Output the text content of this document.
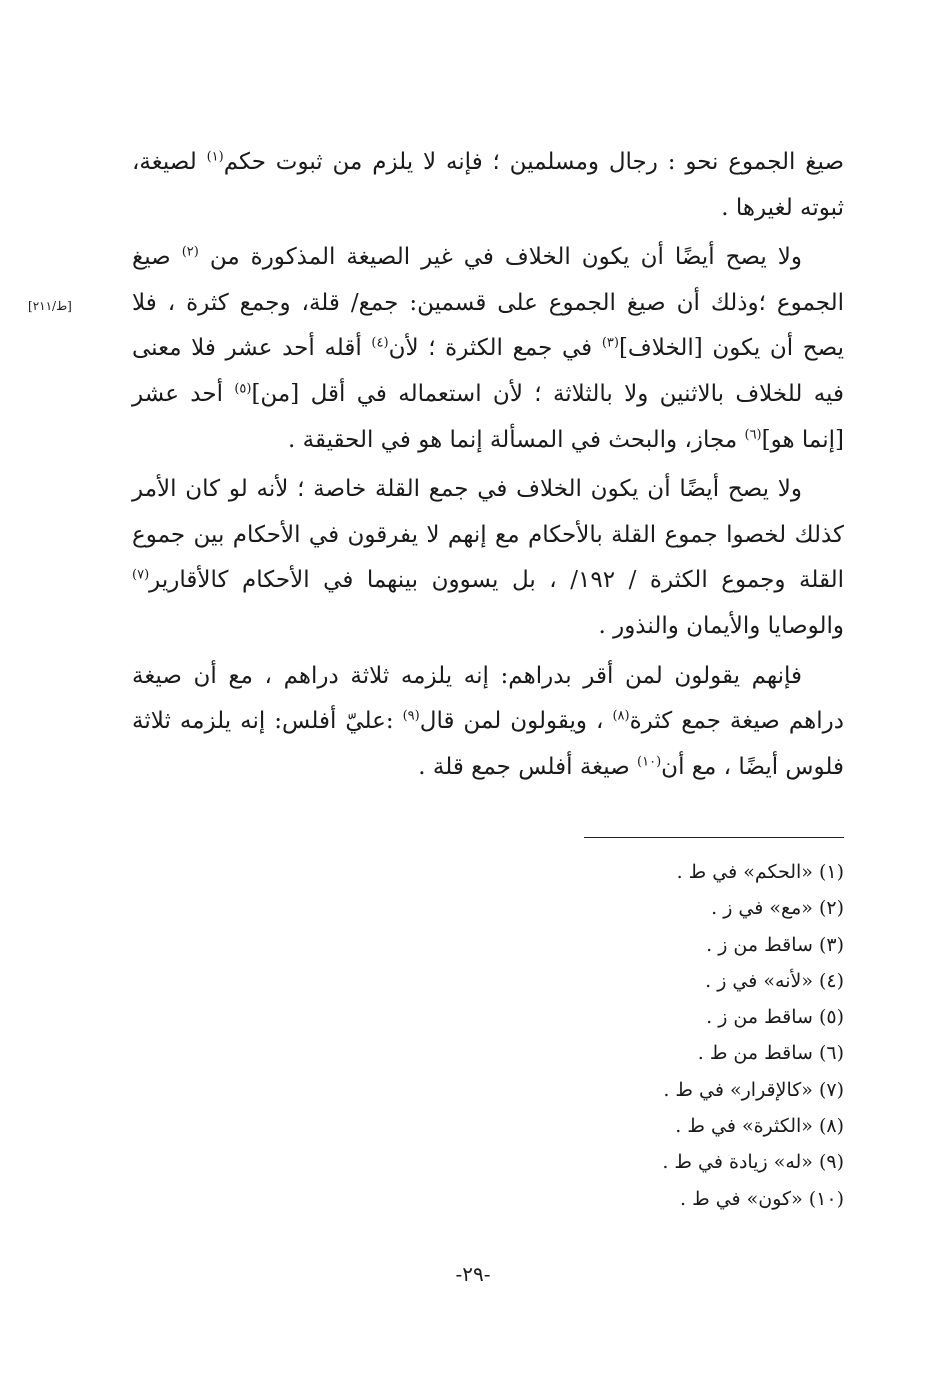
صيغ الجموع نحو : رجال ومسلمين ؛ فإنه لا يلزم من ثبوت حكم$^{(١)}$ لصيغة، ثبوته لغيرها .

ولا يصح أيضًا أن يكون الخلاف في غير الصيغة المذكورة من $^{(٢)}$ صيغ الجموع ؛وذلك أن صيغ الجموع على قسمين: جمع/ قلة، وجمع كثرة ، فلا يصح أن يكون [الخلاف]$^{(٣)}$ في جمع الكثرة ؛ لأن$^{(٤)}$ أقله أحد عشر فلا معنى فيه للخلاف بالاثنين ولا بالثلاثة ؛ لأن استعماله في أقل [من]$^{(٥)}$ أحد عشر [إنما هو]$^{(٦)}$ مجاز، والبحث في المسألة إنما هو في الحقيقة .

ولا يصح أيضًا أن يكون الخلاف في جمع القلة خاصة ؛ لأنه لو كان الأمر كذلك لخصوا جموع القلة بالأحكام مع إنهم لا يفرقون في الأحكام بين جموع القلة وجموع الكثرة / ١٩٢/ ، بل يسوون بينهما في الأحكام كالأقارير$^{(٧)}$ والوصايا والأيمان والنذور .

فإنهم يقولون لمن أقر بدراهم: إنه يلزمه ثلاثة دراهم ، مع أن صيغة دراهم صيغة جمع كثرة$^{(٨)}$ ، ويقولون لمن قال$^{(٩)}$ :عليّ أفلس: إنه يلزمه ثلاثة فلوس أيضًا ، مع أن$^{(١٠)}$ صيغة أفلس جمع قلة .

[ط/٢١١]
(١)«الحكم» في ط .
(٢)«مع» في ز .
(٣)ساقط من ز .
(٤)«لأنه» في ز .
(٥)ساقط من ز .
(٦)ساقط من ط .
(٧)«كالإقرار» في ط .
(٨)«الكثرة» في ط .
(٩)«له» زيادة في ط .
(١٠)«كون» في ط .
-٢٩-
